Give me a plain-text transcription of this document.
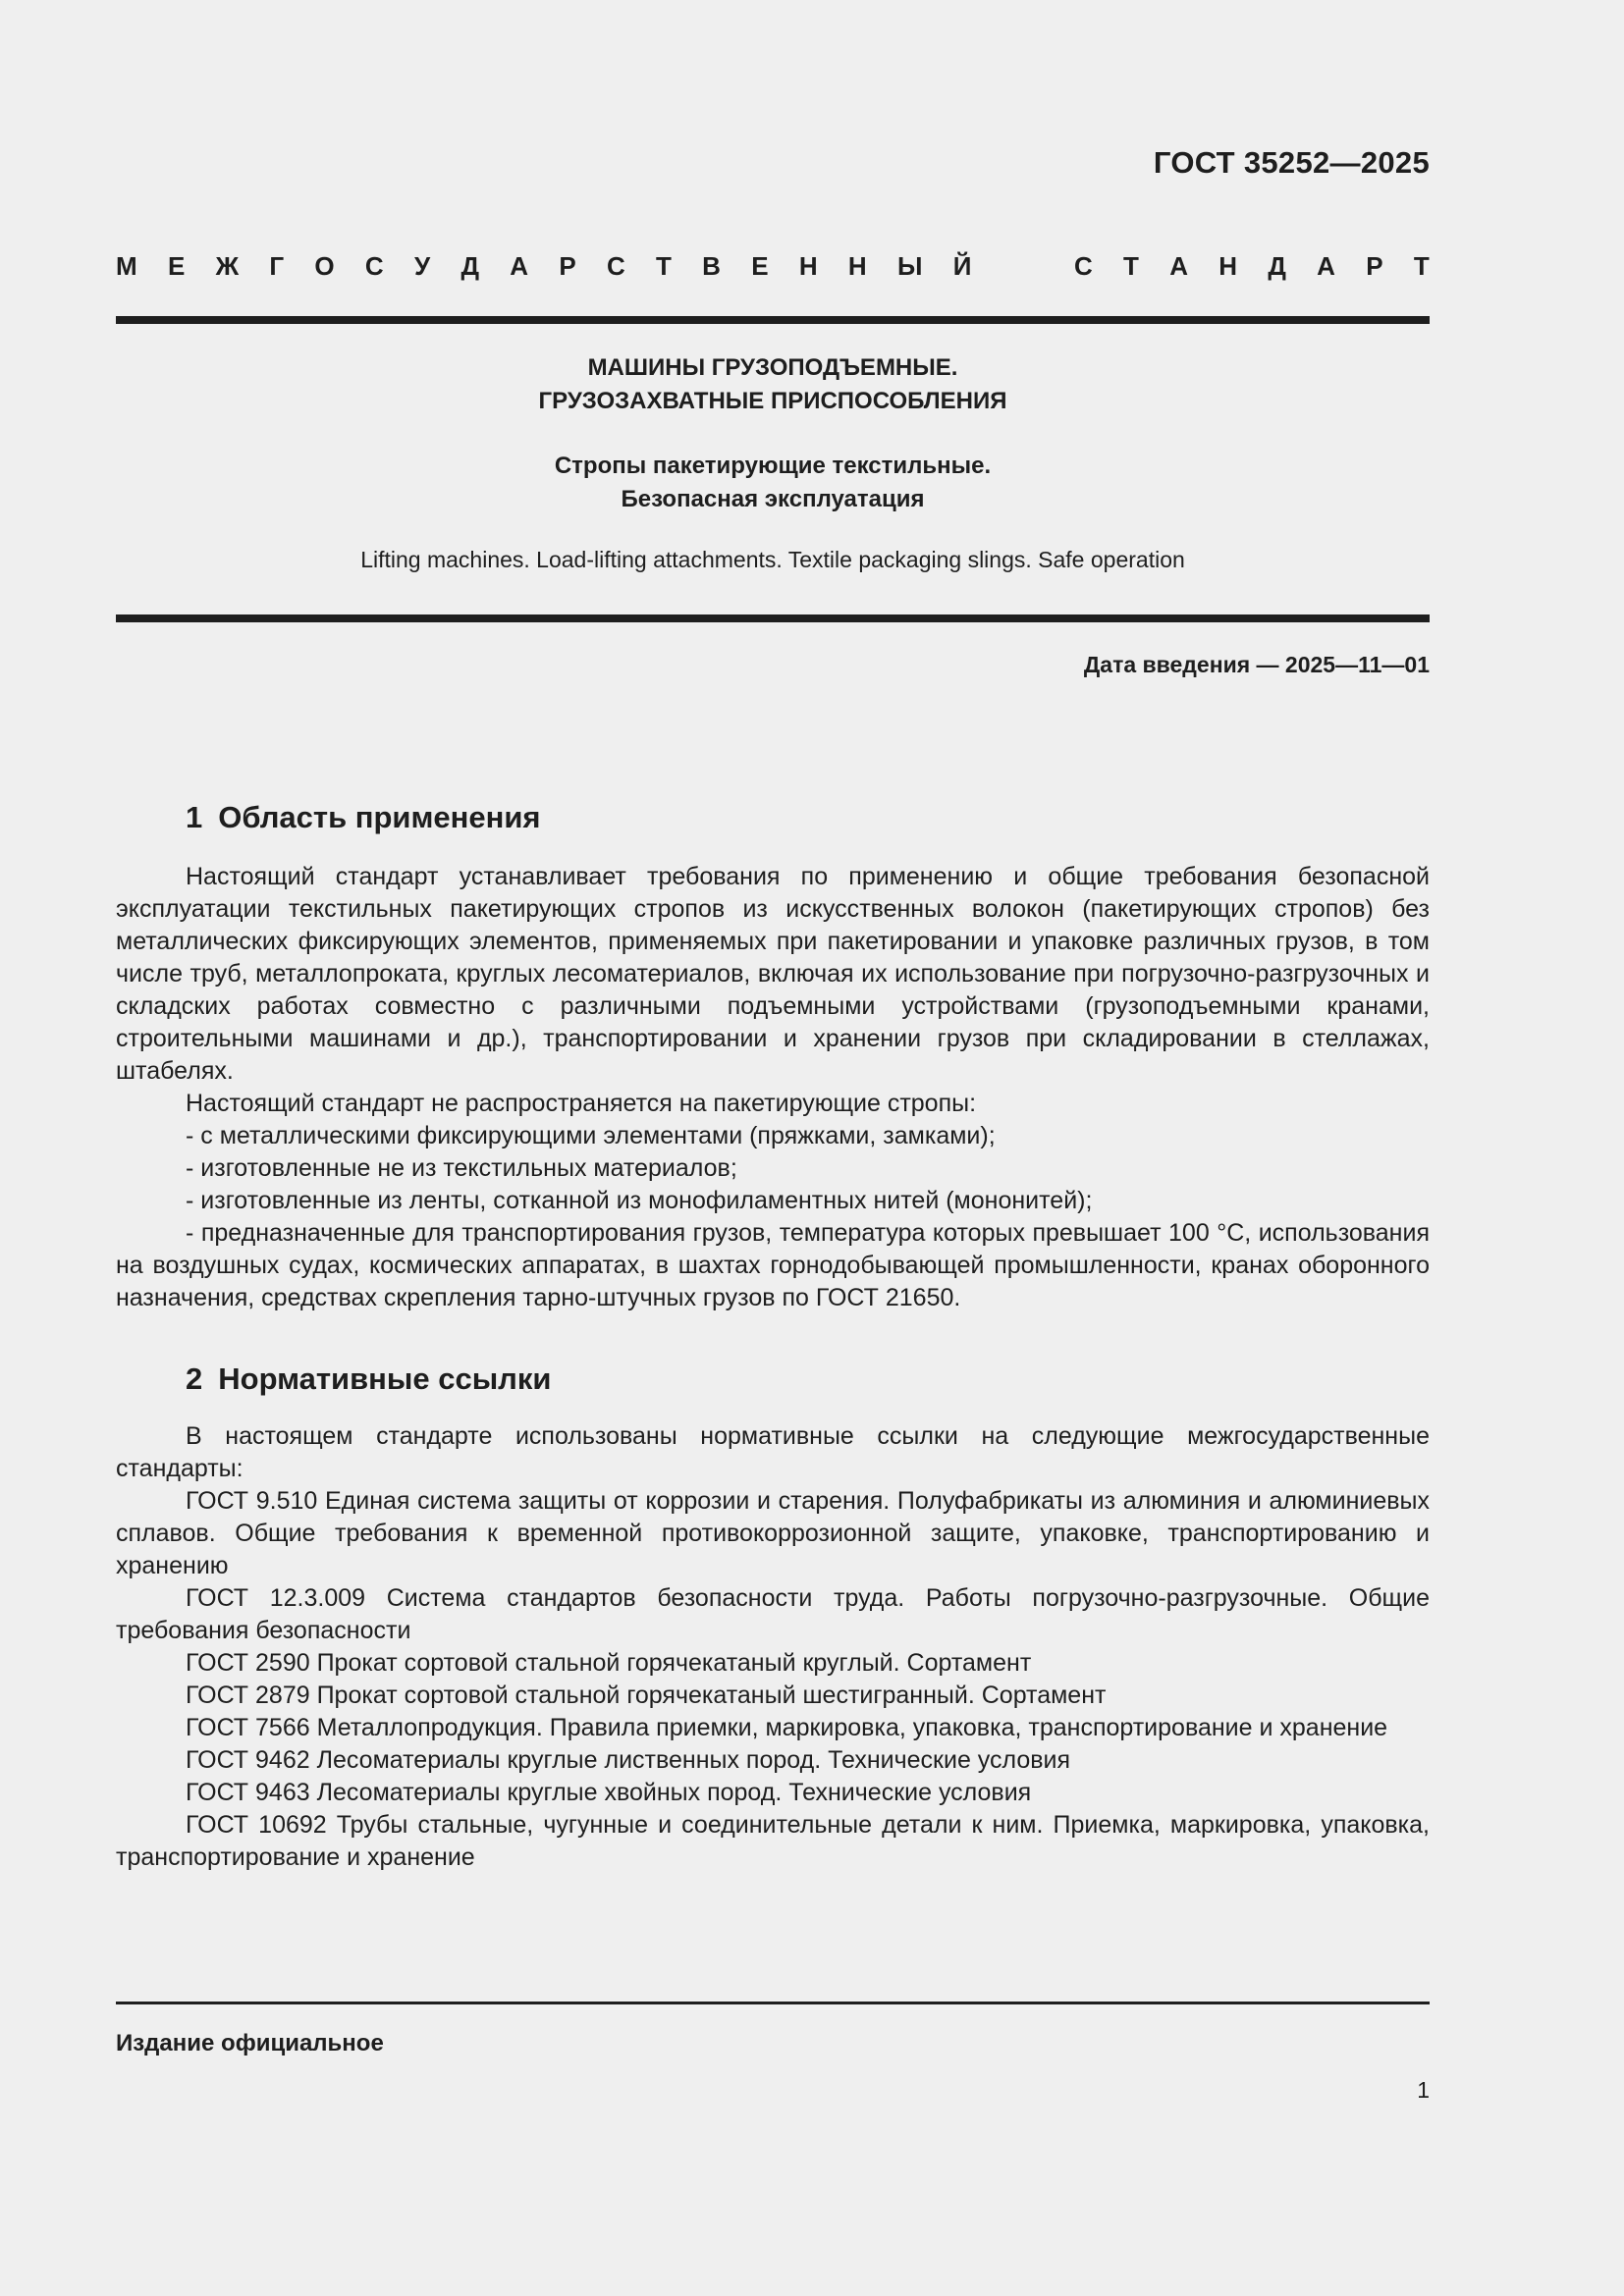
ГОСТ 35252—2025
М Е Ж Г О С У Д А Р С Т В Е Н Н Ы Й	С Т А Н Д А Р Т
МАШИНЫ ГРУЗОПОДЪЕМНЫЕ.
ГРУЗОЗАХВАТНЫЕ ПРИСПОСОБЛЕНИЯ
Стропы пакетирующие текстильные.
Безопасная эксплуатация
Lifting machines. Load-lifting attachments. Textile packaging slings. Safe operation
Дата введения — 2025—11—01
1 Область применения

Настоящий стандарт устанавливает требования по применению и общие требования безопасной эксплуатации текстильных пакетирующих стропов из искусственных волокон (пакетирующих стропов) без металлических фиксирующих элементов, применяемых при пакетировании и упаковке различных грузов, в том числе труб, металлопроката, круглых лесоматериалов, включая их использование при погрузочно-разгрузочных и складских работах совместно с различными подъемными устройствами (грузоподъемными кранами, строительными машинами и др.), транспортировании и хранении грузов при складировании в стеллажах, штабелях.

Настоящий стандарт не распространяется на пакетирующие стропы:

- с металлическими фиксирующими элементами (пряжками, замками);

- изготовленные не из текстильных материалов;

- изготовленные из ленты, сотканной из монофиламентных нитей (мононитей);

- предназначенные для транспортирования грузов, температура которых превышает 100 °С, использования на воздушных судах, космических аппаратах, в шахтах горнодобывающей промышленности, кранах оборонного назначения, средствах скрепления тарно-штучных грузов по ГОСТ 21650.

2 Нормативные ссылки

В настоящем стандарте использованы нормативные ссылки на следующие межгосударственные стандарты:

ГОСТ 9.510 Единая система защиты от коррозии и старения. Полуфабрикаты из алюминия и алюминиевых сплавов. Общие требования к временной противокоррозионной защите, упаковке, транспортированию и хранению

ГОСТ 12.3.009 Система стандартов безопасности труда. Работы погрузочно-разгрузочные. Общие требования безопасности

ГОСТ 2590 Прокат сортовой стальной горячекатаный круглый. Сортамент

ГОСТ 2879 Прокат сортовой стальной горячекатаный шестигранный. Сортамент

ГОСТ 7566 Металлопродукция. Правила приемки, маркировка, упаковка, транспортирование и хранение

ГОСТ 9462 Лесоматериалы круглые лиственных пород. Технические условия

ГОСТ 9463 Лесоматериалы круглые хвойных пород. Технические условия

ГОСТ 10692 Трубы стальные, чугунные и соединительные детали к ним. Приемка, маркировка, упаковка, транспортирование и хранение

Издание официальное
1
